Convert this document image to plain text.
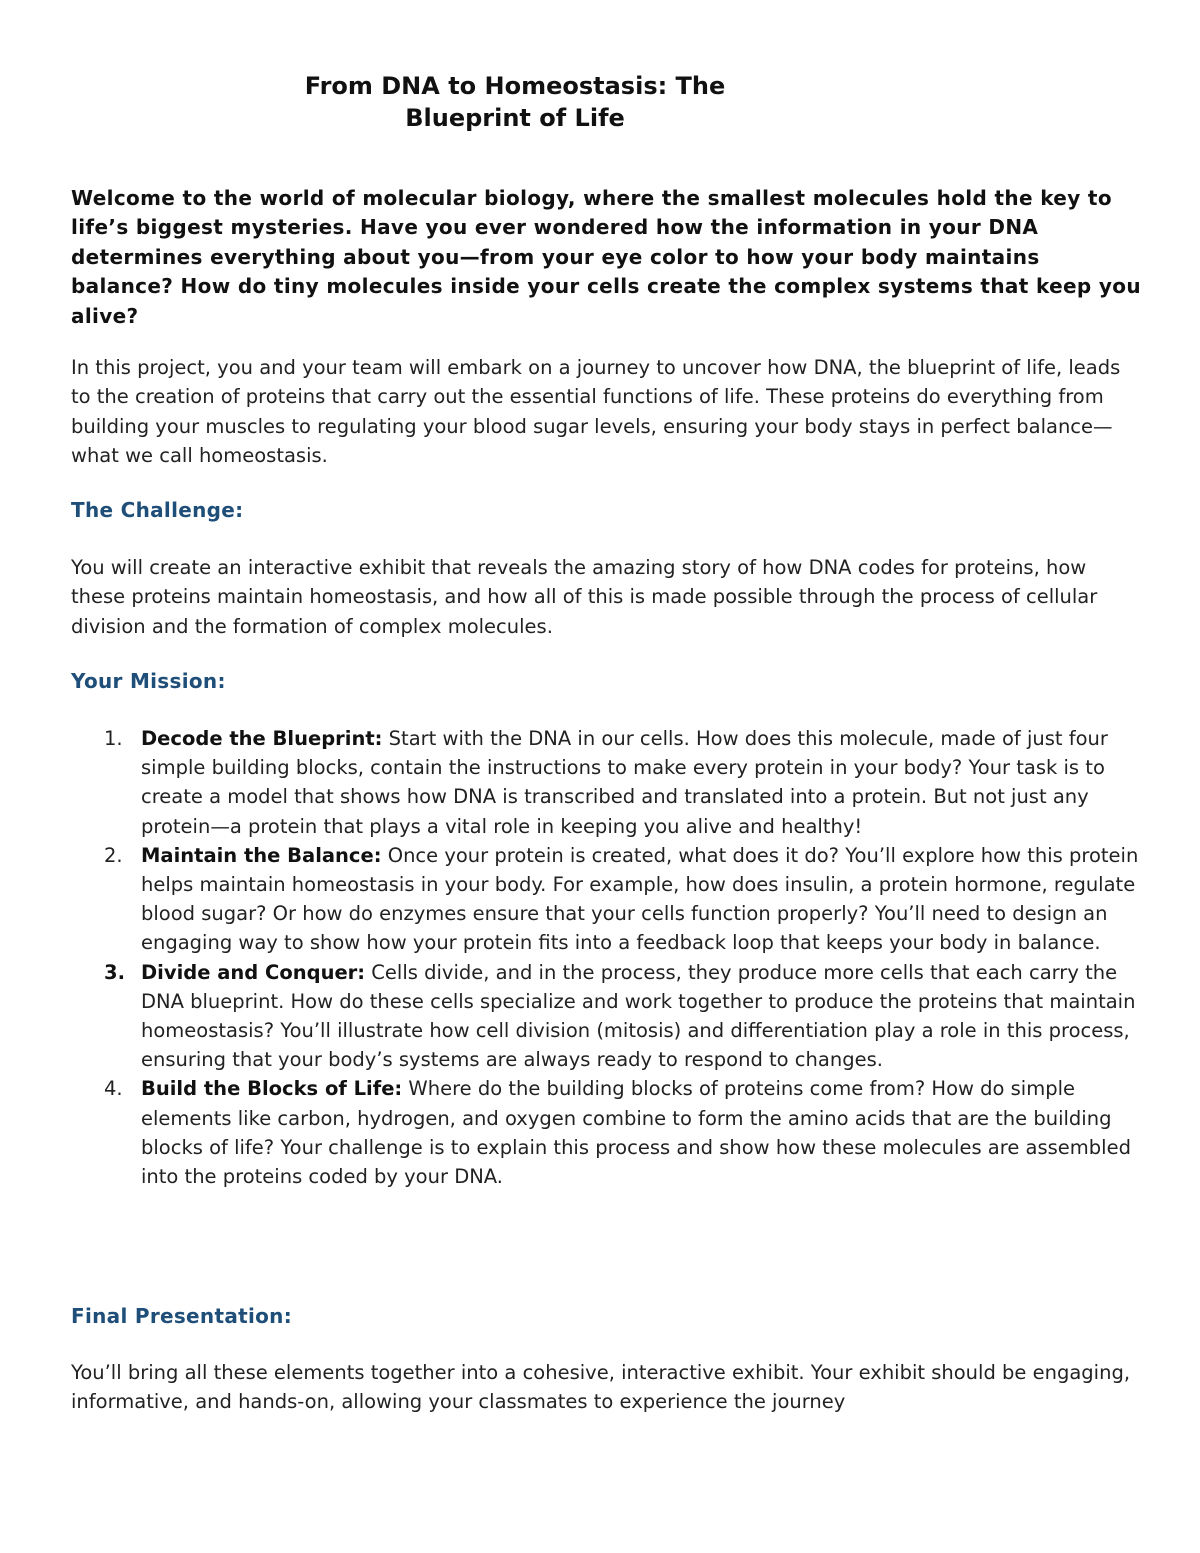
From DNA to Homeostasis: The
Blueprint of Life

Welcome to the world of molecular biology, where the smallest molecules hold the key to life’s biggest mysteries. Have you ever wondered how the information in your DNA determines everything about you—from your eye color to how your body maintains balance? How do tiny molecules inside your cells create the complex systems that keep you alive?

In this project, you and your team will embark on a journey to uncover how DNA, the blueprint of life, leads to the creation of proteins that carry out the essential functions of life. These proteins do everything from building your muscles to regulating your blood sugar levels, ensuring your body stays in perfect balance—what we call homeostasis.

The Challenge:

You will create an interactive exhibit that reveals the amazing story of how DNA codes for proteins, how these proteins maintain homeostasis, and how all of this is made possible through the process of cellular division and the formation of complex molecules.

Your Mission:
1. Decode the Blueprint: Start with the DNA in our cells. How does this molecule, made of just four simple building blocks, contain the instructions to make every protein in your body? Your task is to create a model that shows how DNA is transcribed and translated into a protein. But not just any protein—a protein that plays a vital role in keeping you alive and healthy!
2. Maintain the Balance: Once your protein is created, what does it do? You’ll explore how this protein helps maintain homeostasis in your body. For example, how does insulin, a protein hormone, regulate blood sugar? Or how do enzymes ensure that your cells function properly? You’ll need to design an engaging way to show how your protein fits into a feedback loop that keeps your body in balance.
3. Divide and Conquer: Cells divide, and in the process, they produce more cells that each carry the DNA blueprint. How do these cells specialize and work together to produce the proteins that maintain homeostasis? You’ll illustrate how cell division (mitosis) and differentiation play a role in this process, ensuring that your body’s systems are always ready to respond to changes.
4. Build the Blocks of Life: Where do the building blocks of proteins come from? How do simple elements like carbon, hydrogen, and oxygen combine to form the amino acids that are the building blocks of life? Your challenge is to explain this process and show how these molecules are assembled into the proteins coded by your DNA.
Final Presentation:

You’ll bring all these elements together into a cohesive, interactive exhibit. Your exhibit should be engaging, informative, and hands-on, allowing your classmates to experience the journey
